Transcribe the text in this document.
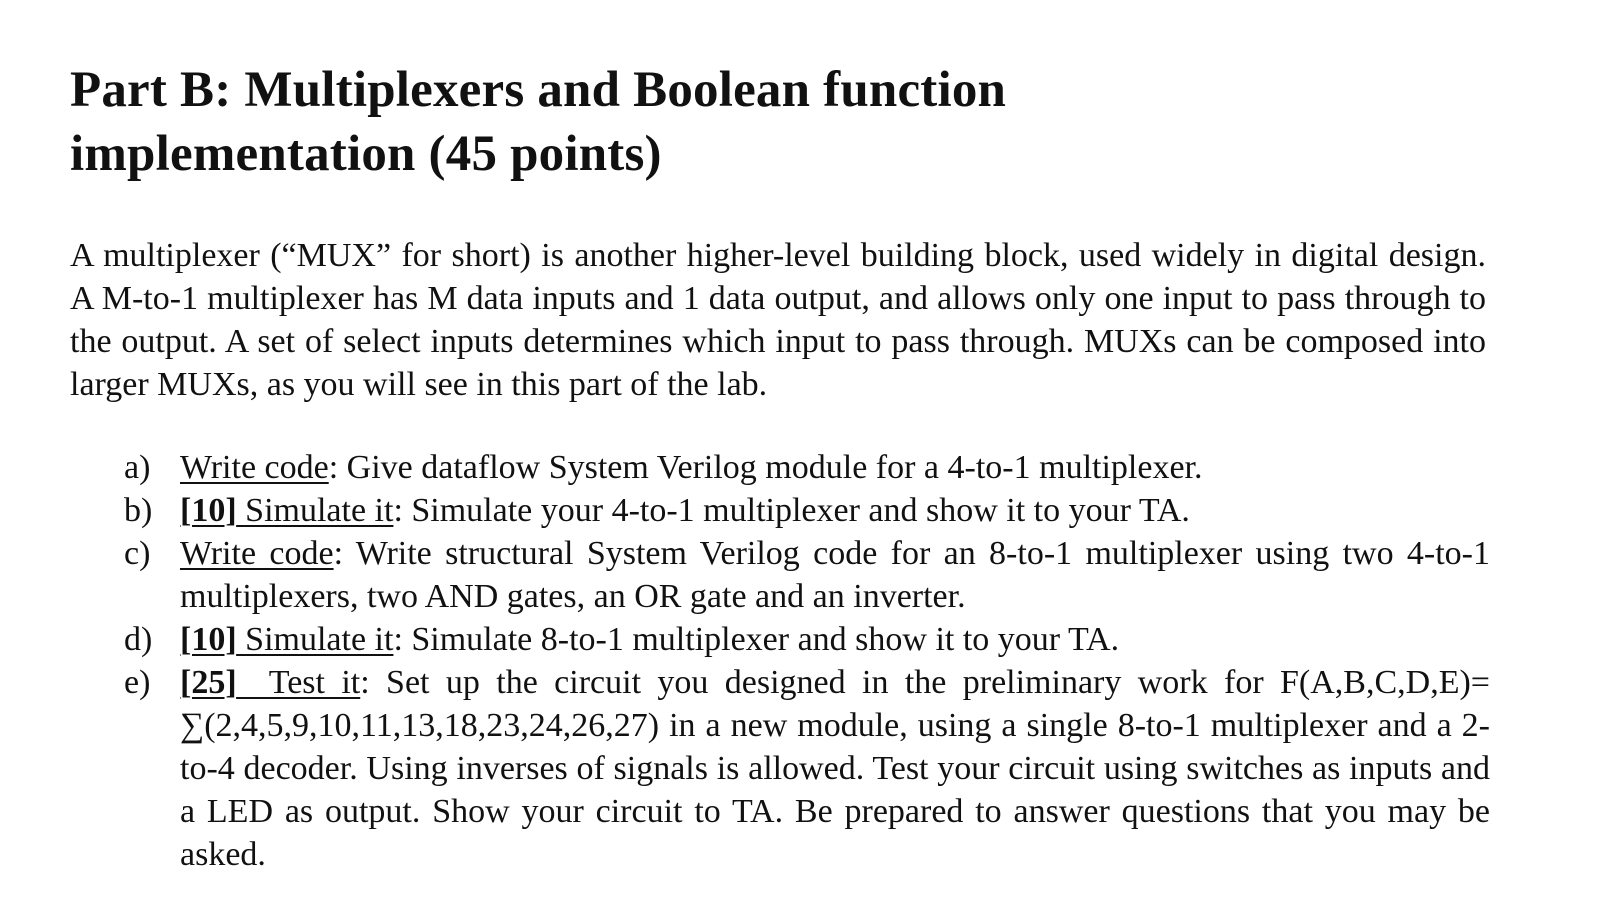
Part B: Multiplexers and Boolean function
implementation (45 points)

A multiplexer (“MUX” for short) is another higher-level building block, used widely in digital design. A M-to-1 multiplexer has M data inputs and 1 data output, and allows only one input to pass through to the output. A set of select inputs determines which input to pass through. MUXs can be composed into larger MUXs, as you will see in this part of the lab.

a) Write code: Give dataflow System Verilog module for a 4-to-1 multiplexer.
b) [10] Simulate it: Simulate your 4-to-1 multiplexer and show it to your TA.
c) Write code: Write structural System Verilog code for an 8-to-1 multiplexer using two 4-to-1 multiplexers, two AND gates, an OR gate and an inverter.
d) [10] Simulate it: Simulate 8-to-1 multiplexer and show it to your TA.
e) [25]  Test it: Set up the circuit you designed in the preliminary work for F(A,B,C,D,E)= ∑(2,4,5,9,10,11,13,18,23,24,26,27) in a new module, using a single 8-to-1 multiplexer and a 2-to-4 decoder. Using inverses of signals is allowed. Test your circuit using switches as inputs and a LED as output. Show your circuit to TA. Be prepared to answer questions that you may be asked.
